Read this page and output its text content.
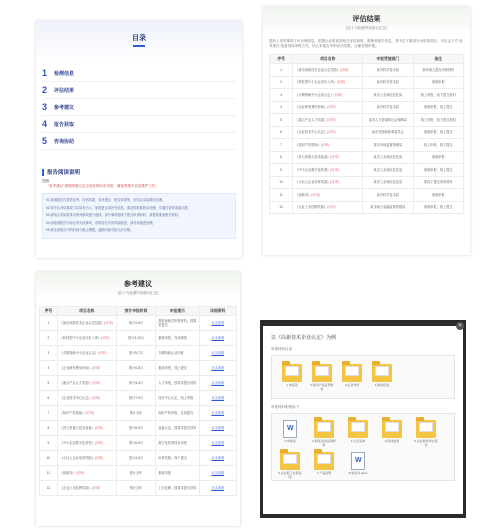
目录
1	检测信息
2	评估结果
3	参考建议
4	报告获取
5	咨询协助
报告阅读说明
提醒：
“参考建议”请按照建议去完成你的所有申报、储备等相关信息维护工作。
01 检测报告仅供您参考，评估结果、参考建议、报告获取等，应结合实际情况办理。
02 如不认可结果或与实际有出入，如需更正或补充信息，请及时联系核实处理，可通过咨询渠道反馈。
03 请结合实际需求对所列事项进行选择，部分事项需线下提交申请材料，请提前准备相关材料。
04 如检测报告中标注未完成事项，说明存在对应风险隐患，请尽快跟进处理。
05 请注意报告中的时间与截止期限，逾期可能导致无法办理。
评估结果
(以下为检测内容统计汇总)
您所上传的事项下可办理信息，依据企业资质及相关评估规则，需核验相关信息，其中以下事项为可申报项目，可点击下方“参考建议”查看具体申报方式，结合本报告中的评估结果，合理安排申报。
序号	项目名称	申报受理部门	备注
1	《某市高新技术企业认定奖励》(可申)	某市科学技术局	需申请人提交申请材料
2	《科技型中小企业评价入库》(可申)	某市科学技术局	系统申报
3	《专精特新中小企业认定》(可申)	某市工业和信息化局	线上申报、线下提交材料
4	《企业研发费用补助》(可申)	某市科学技术局	系统申报，线上提交
5	《重点产业人才奖励》(可申)	某市人力资源和社会保障局	线上申报、线下提交材料
6	《企业技术中心认定》(可申)	某市发展和改革委员会	系统申报，线上提交
7	《知识产权资助》(可申)	某市市场监督管理局	线上申报、线下提交
8	《首台套重大技术装备》(可申)	某市工业和信息化局	系统申报
9	《中小企业数字化转型》(可申)	某市工业和信息化局	系统申报，线上提交
10	《小巨人企业培育奖励》(可申)	某市工业和信息化局	需线下提交申请材料
11	《创新券》(可申)	某市科学技术局	系统申报
12	《企业上市挂牌奖励》(可申)	某市地方金融监督管理局	系统申报，线上提交
参考建议
(以下为检测内容统计汇总)
序号	项目名称	预计申报时间	申报提示	详细资料
1	《某市高新技术企业认定奖励》(可申)	预计4-5月	需准备相关申报材料，按要求提交	点击查看
2	《科技型中小企业评价入库》(可申)	预计3-10月	系统申报，在线填报	点击查看
3	《专精特新中小企业认定》(可申)	预计5-7月	专精特新企业申报	点击查看
4	《企业研发费用补助》(可申)	预计6-8月	系统申报，线上提交	点击查看
5	《重点产业人才奖励》(可申)	预计3-4月	人才申报，按要求提交材料	点击查看
6	《企业技术中心认定》(可申)	预计7-9月	技术中心认定，线上申报	点击查看
7	《知识产权资助》(可申)	预计全年	知识产权申报，在线提交	点击查看
8	《首台套重大技术装备》(可申)	预计8-9月	装备认定，按要求提交材料	点击查看
9	《中小企业数字化转型》(可申)	预计6-9月	数字化转型项目申报	点击查看
10	《小巨人企业培育奖励》(可申)	预计4-6月	培育奖励，线下提交	点击查看
11	《创新券》(可申)	预计全年	系统申报	点击查看
12	《企业上市挂牌奖励》(可申)	预计全年	上市挂牌，按要求提交材料	点击查看
×
以《高新技术企业认定》为例
申报材料目录
1.申报表	2.知识产权证明材料
3.证书材料	4.财务报表
申报材料明细如下：
W
1.申请表	2.研发活动证明材料
3.人员名单	4.科技成果	5.企业财务审计报告
6.企业职工社保证明
7.产品说明
W	8.承诺书.docx
